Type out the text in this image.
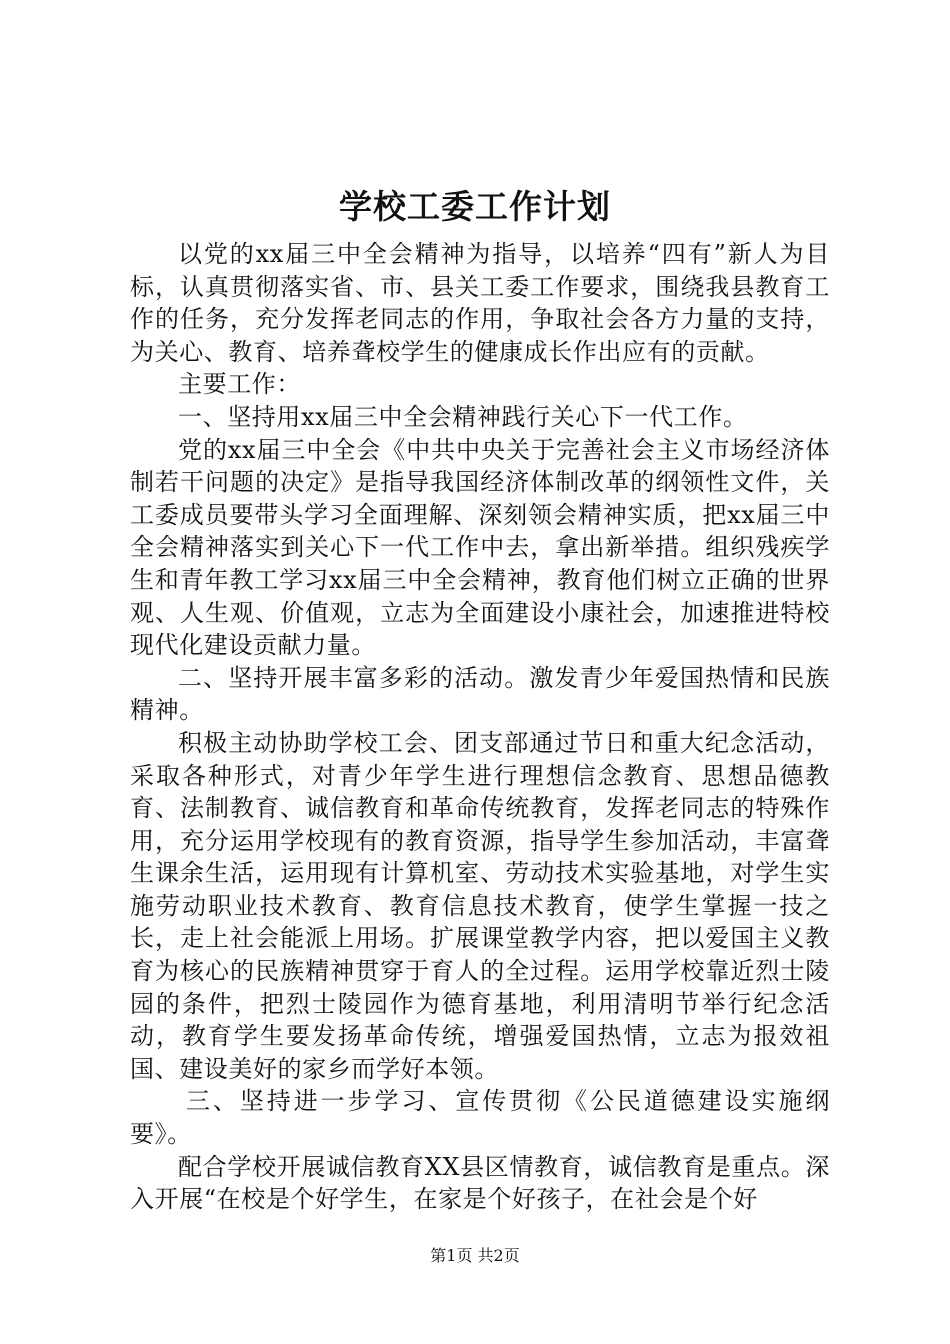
学校工委工作计划

以党的xx届三中全会精神为指导，以培养“四有”新人为目标，认真贯彻落实省、市、县关工委工作要求，围绕我县教育工作的任务，充分发挥老同志的作用，争取社会各方力量的支持，为关心、教育、培养聋校学生的健康成长作出应有的贡献。

主要工作：

一、坚持用xx届三中全会精神践行关心下一代工作。

党的xx届三中全会《中共中央关于完善社会主义市场经济体制若干问题的决定》是指导我国经济体制改革的纲领性文件，关工委成员要带头学习全面理解、深刻领会精神实质，把xx届三中全会精神落实到关心下一代工作中去，拿出新举措。组织残疾学生和青年教工学习xx届三中全会精神，教育他们树立正确的世界观、人生观、价值观，立志为全面建设小康社会，加速推进特校现代化建设贡献力量。

二、坚持开展丰富多彩的活动。激发青少年爱国热情和民族精神。

积极主动协助学校工会、团支部通过节日和重大纪念活动，采取各种形式，对青少年学生进行理想信念教育、思想品德教育、法制教育、诚信教育和革命传统教育，发挥老同志的特殊作用，充分运用学校现有的教育资源，指导学生参加活动，丰富聋生课余生活，运用现有计算机室、劳动技术实验基地，对学生实施劳动职业技术教育、教育信息技术教育，使学生掌握一技之长，走上社会能派上用场。扩展课堂教学内容，把以爱国主义教育为核心的民族精神贯穿于育人的全过程。运用学校靠近烈士陵园的条件，把烈士陵园作为德育基地，利用清明节举行纪念活动，教育学生要发扬革命传统，增强爱国热情，立志为报效祖国、建设美好的家乡而学好本领。

三、坚持进一步学习、宣传贯彻《公民道德建设实施纲要》。

配合学校开展诚信教育XX县区情教育，诚信教育是重点。深入开展“在校是个好学生，在家是个好孩子，在社会是个好

第1页 共2页
